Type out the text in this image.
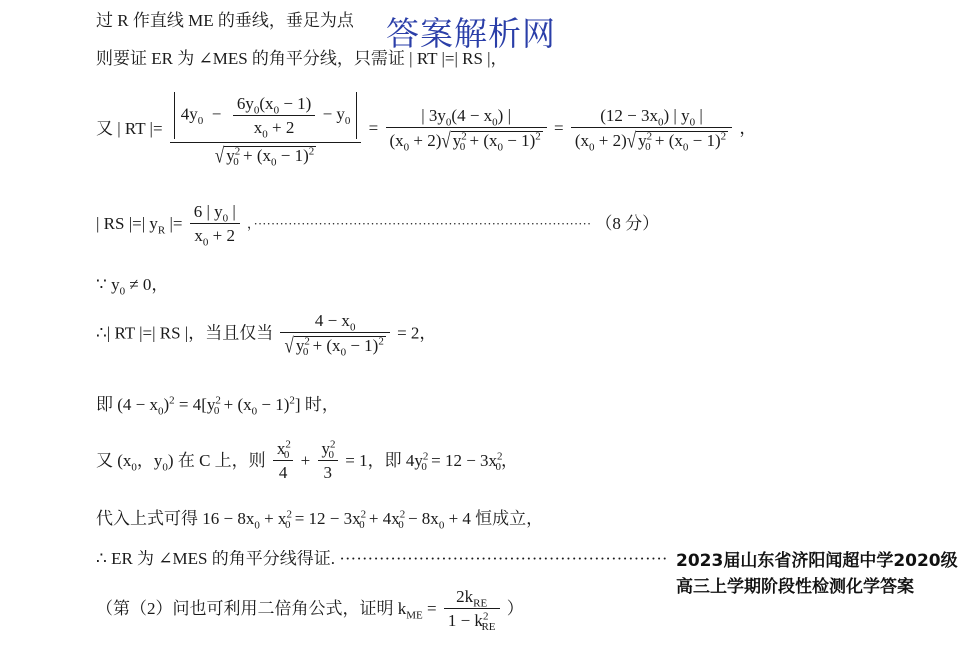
答案解析网
过 R 作直线 ME 的垂线，垂足为点
则要证 ER 为 ∠MES 的角平分线，只需证 | RT |=| RS |，
又 | RT |=
$4y_0 - \frac{6y_0(x_0 - 1)}{x_0 + 2} - y_0$
√ $y^2_0 + (x_0 - 1)^2$
= $\frac{| 3y_0(4 - x_0) |}{(x_0 + 2)√ y^2_0 + (x_0 - 1)^2} = \frac{(12 - 3x_0) | y_0 |}{(x_0 + 2)√ y^2_0 + (x_0 - 1)^2}$ ，
| RS |=| $y_R$ |= $\frac{6 | y_0 |}{x_0 + 2}$ ，·············································································· （8 分）
∵ $y_0 \ne 0$，
∴| RT |=| RS |，当且仅当 $\frac{4 - x_0}{√ y^2_0 + (x_0 - 1)^2} = 2$，
即 $(4 - x_0)^2 = 4[y^2_0 + (x_0 - 1)^2]$ 时，
又 ($x_0$，$y_0$) 在 C 上，则 $\frac{x^2_0}{4} + \frac{y^2_0}{3} = 1$，即 $4y^2_0 = 12 - 3x^2_0$，
代入上式可得 $16 - 8x_0 + x^2_0 = 12 - 3x^2_0 + 4x^2_0 - 8x_0 + 4$ 恒成立，
∴ ER 为 ∠MES 的角平分线得证. ··························································
（第（2）问也可利用二倍角公式，证明 $k_{ME} = \frac{2k_{RE}}{1 - k^2_{RE}}$ ）
2023届山东省济阳闻超中学2020级高三上学期阶段性检测化学答案
